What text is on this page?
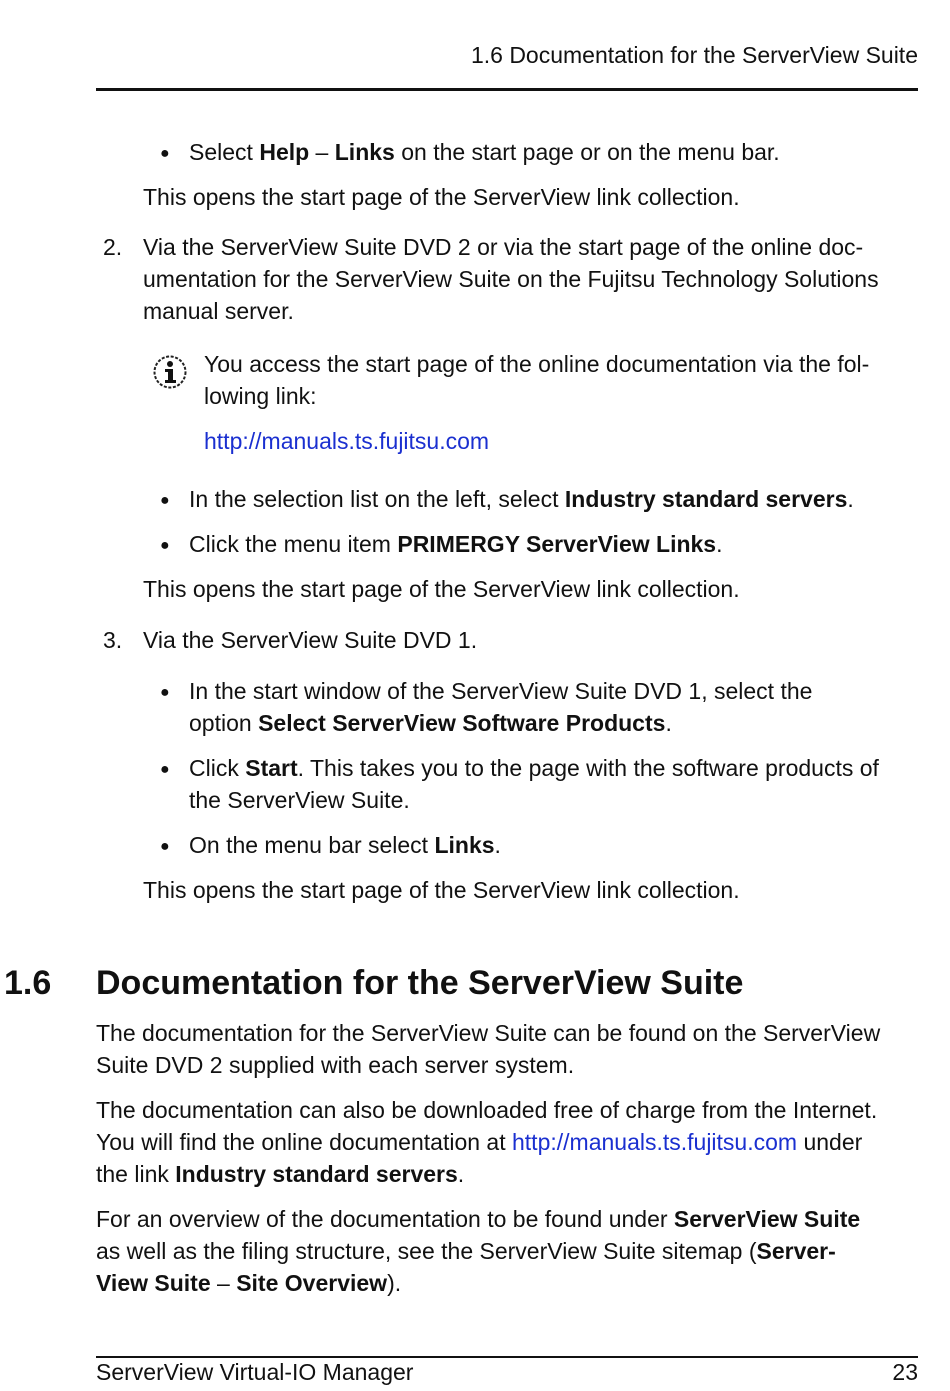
1.6 Documentation for the ServerView Suite
● Select Help – Links on the start page or on the menu bar.
This opens the start page of the ServerView link collection.
2. Via the ServerView Suite DVD 2 or via the start page of the online doc-
umentation for the ServerView Suite on the Fujitsu Technology Solutions
manual server.
You access the start page of the online documentation via the fol-
lowing link:
http://manuals.ts.fujitsu.com
● In the selection list on the left, select Industry standard servers.
● Click the menu item PRIMERGY ServerView Links.
This opens the start page of the ServerView link collection.
3. Via the ServerView Suite DVD 1.
● In the start window of the ServerView Suite DVD 1, select the
option Select ServerView Software Products.
● Click Start. This takes you to the page with the software products of
the ServerView Suite.
● On the menu bar select Links.
This opens the start page of the ServerView link collection.
1.6 Documentation for the ServerView Suite
The documentation for the ServerView Suite can be found on the ServerView
Suite DVD 2 supplied with each server system.
The documentation can also be downloaded free of charge from the Internet.
You will find the online documentation at http://manuals.ts.fujitsu.com under
the link Industry standard servers.
For an overview of the documentation to be found under ServerView Suite
as well as the filing structure, see the ServerView Suite sitemap (Server-
View Suite – Site Overview).
ServerView Virtual-IO Manager	23
